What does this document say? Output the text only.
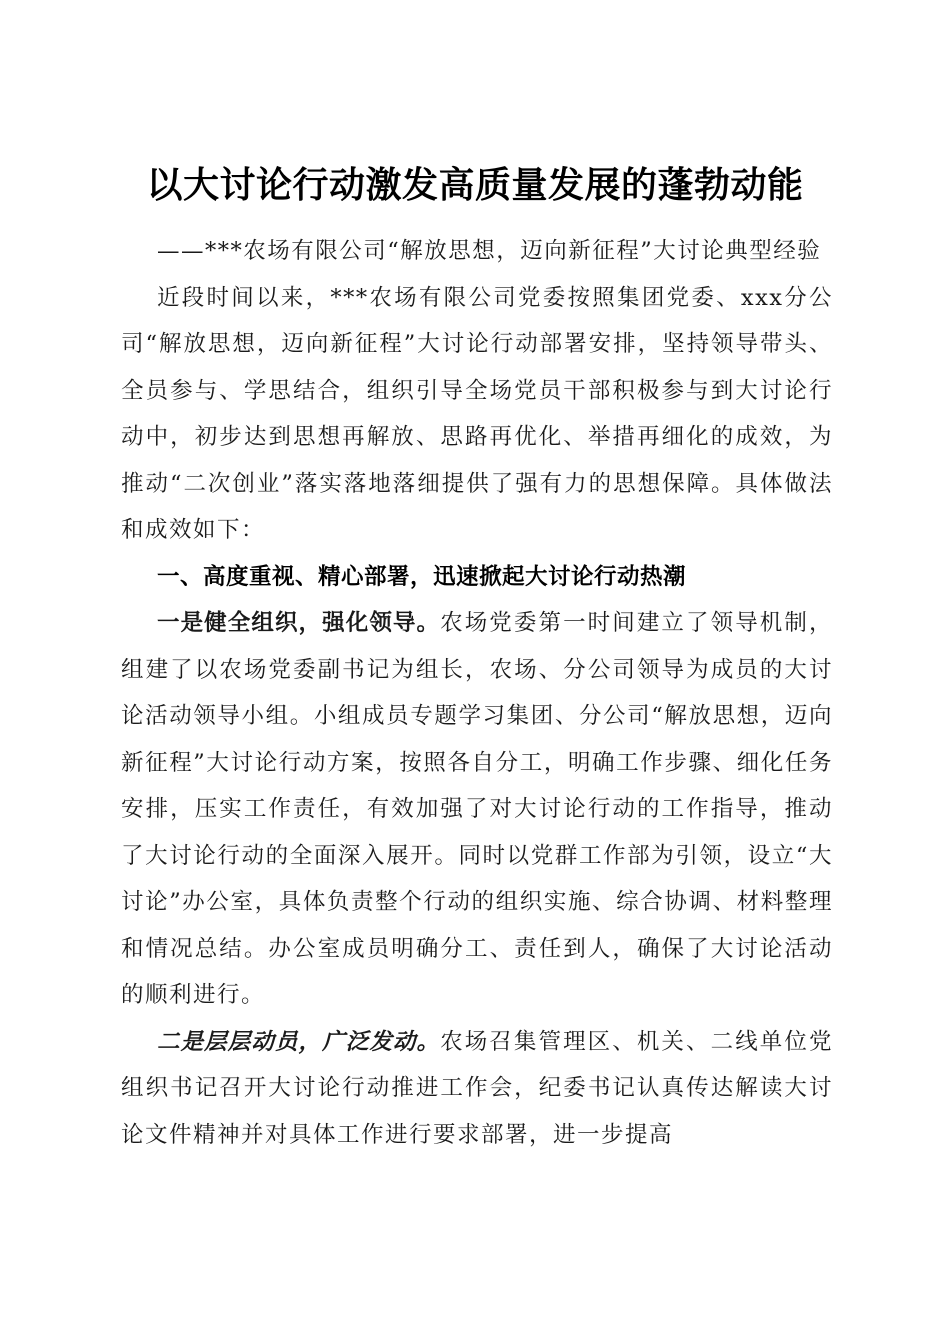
以大讨论行动激发高质量发展的蓬勃动能

——***农场有限公司“解放思想，迈向新征程”大讨论典型经验

近段时间以来，***农场有限公司党委按照集团党委、xxx分公司“解放思想，迈向新征程”大讨论行动部署安排，坚持领导带头、全员参与、学思结合，组织引导全场党员干部积极参与到大讨论行动中，初步达到思想再解放、思路再优化、举措再细化的成效，为推动“二次创业”落实落地落细提供了强有力的思想保障。具体做法和成效如下：

一、高度重视、精心部署，迅速掀起大讨论行动热潮

一是健全组织，强化领导。农场党委第一时间建立了领导机制，组建了以农场党委副书记为组长，农场、分公司领导为成员的大讨论活动领导小组。小组成员专题学习集团、分公司“解放思想，迈向新征程”大讨论行动方案，按照各自分工，明确工作步骤、细化任务安排，压实工作责任，有效加强了对大讨论行动的工作指导，推动了大讨论行动的全面深入展开。同时以党群工作部为引领，设立“大讨论”办公室，具体负责整个行动的组织实施、综合协调、材料整理和情况总结。办公室成员明确分工、责任到人，确保了大讨论活动的顺利进行。

二是层层动员，广泛发动。农场召集管理区、机关、二线单位党组织书记召开大讨论行动推进工作会，纪委书记认真传达解读大讨论文件精神并对具体工作进行要求部署，进一步提高
